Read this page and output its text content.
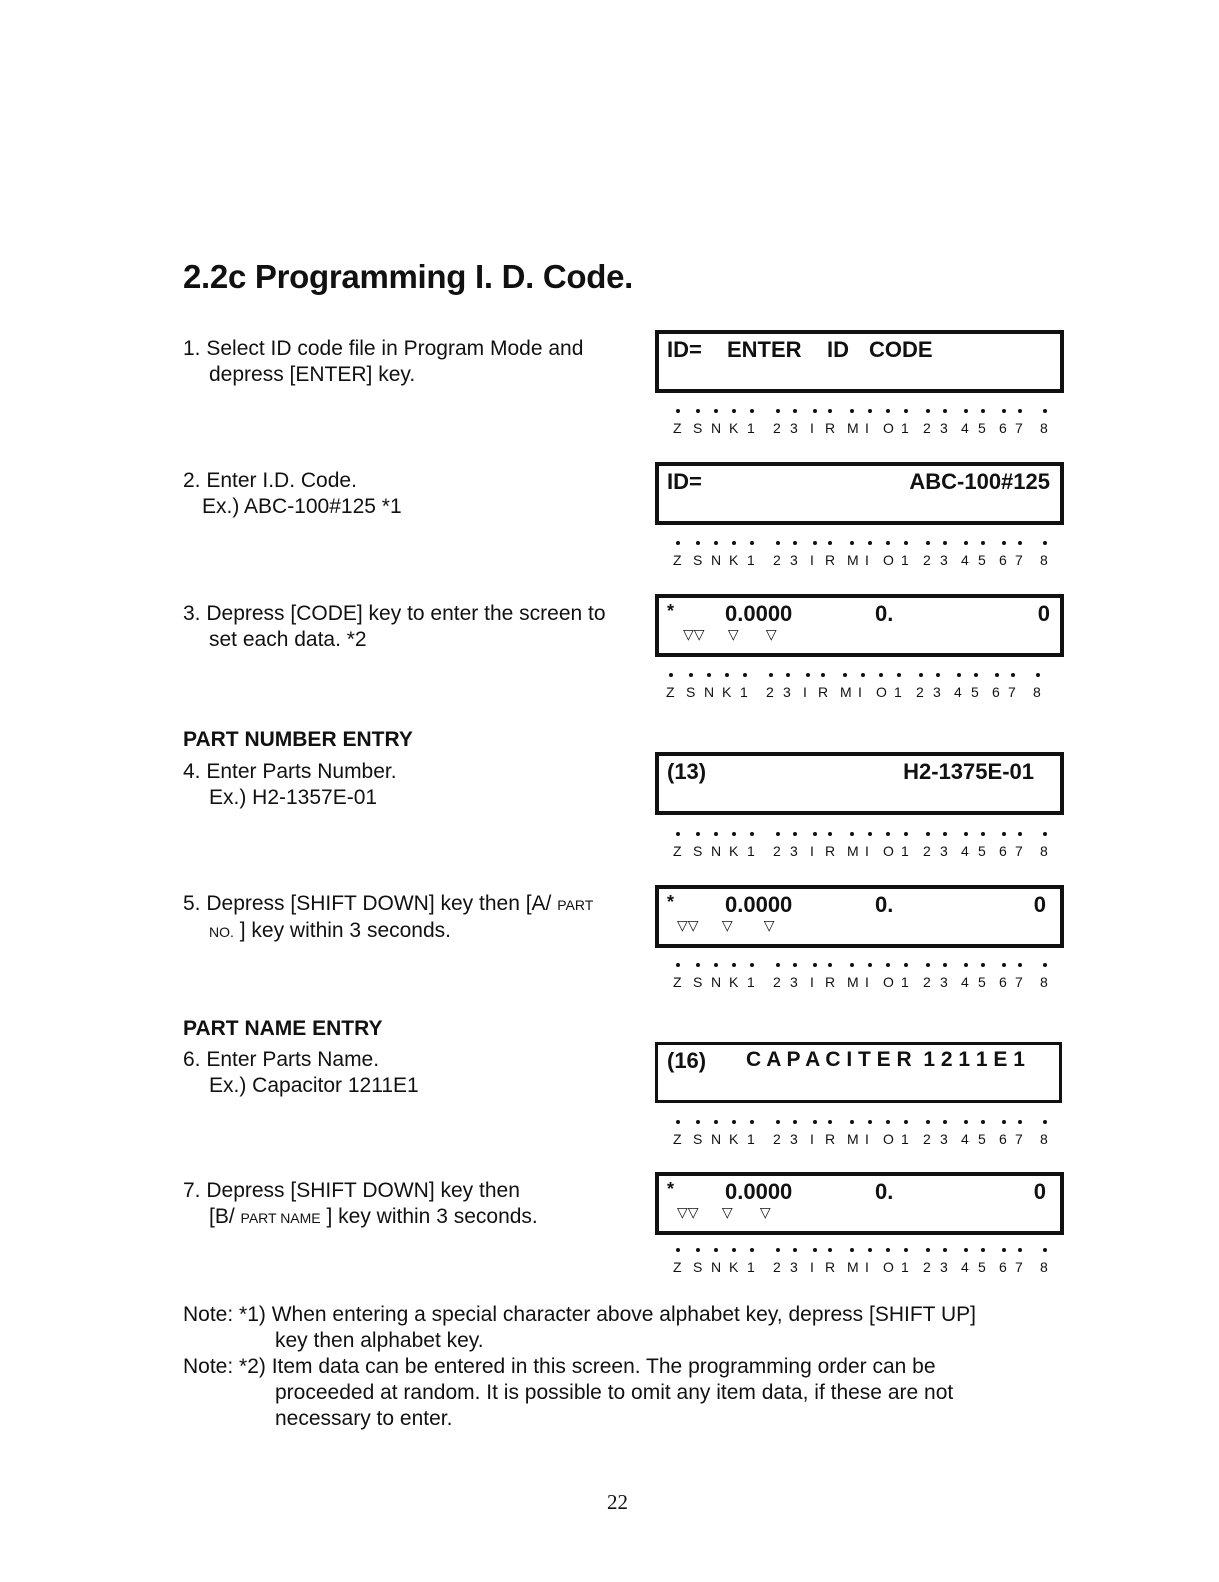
2.2c Programming I. D. Code.
1. Select ID code file in Program Mode and
depress [ENTER] key.
ID= ENTER ID CODE
Z S N K 1 2 3 I R M I O 1 2 3 4 5 6 7 8
2. Enter I.D. Code.
Ex.) ABC-100#125 *1
ID=	ABC-100#125
Z S N K 1 2 3 I R M I O 1 2 3 4 5 6 7 8
3. Depress [CODE] key to enter the screen to
set each data. *2
* 0.0000	0.	0
▽▽      ▽       ▽
Z S N K 1 2 3 I R M I O 1 2 3 4 5 6 7 8
PART NUMBER ENTRY
4. Enter Parts Number.
Ex.) H2-1357E-01
(13)	H2-1375E-01
Z S N K 1 2 3 I R M I O 1 2 3 4 5 6 7 8
5. Depress [SHIFT DOWN] key then [A/ PART
NO. ] key within 3 seconds.
* 0.0000	0.	0
▽▽      ▽        ▽
Z S N K 1 2 3 I R M I O 1 2 3 4 5 6 7 8
PART NAME ENTRY
6. Enter Parts Name.
Ex.) Capacitor 1211E1
(16) C A P A C I T E R  1 2 1 1 E 1
Z S N K 1 2 3 I R M I O 1 2 3 4 5 6 7 8
7. Depress [SHIFT DOWN] key then
[B/ PART NAME ] key within 3 seconds.
* 0.0000	0.	0
▽▽      ▽       ▽
Z S N K 1 2 3 I R M I O 1 2 3 4 5 6 7 8
Note: *1) When entering a special character above alphabet key, depress [SHIFT UP]
key then alphabet key.
Note: *2) Item data can be entered in this screen. The programming order can be
proceeded at random. It is possible to omit any item data, if these are not
necessary to enter.
22
